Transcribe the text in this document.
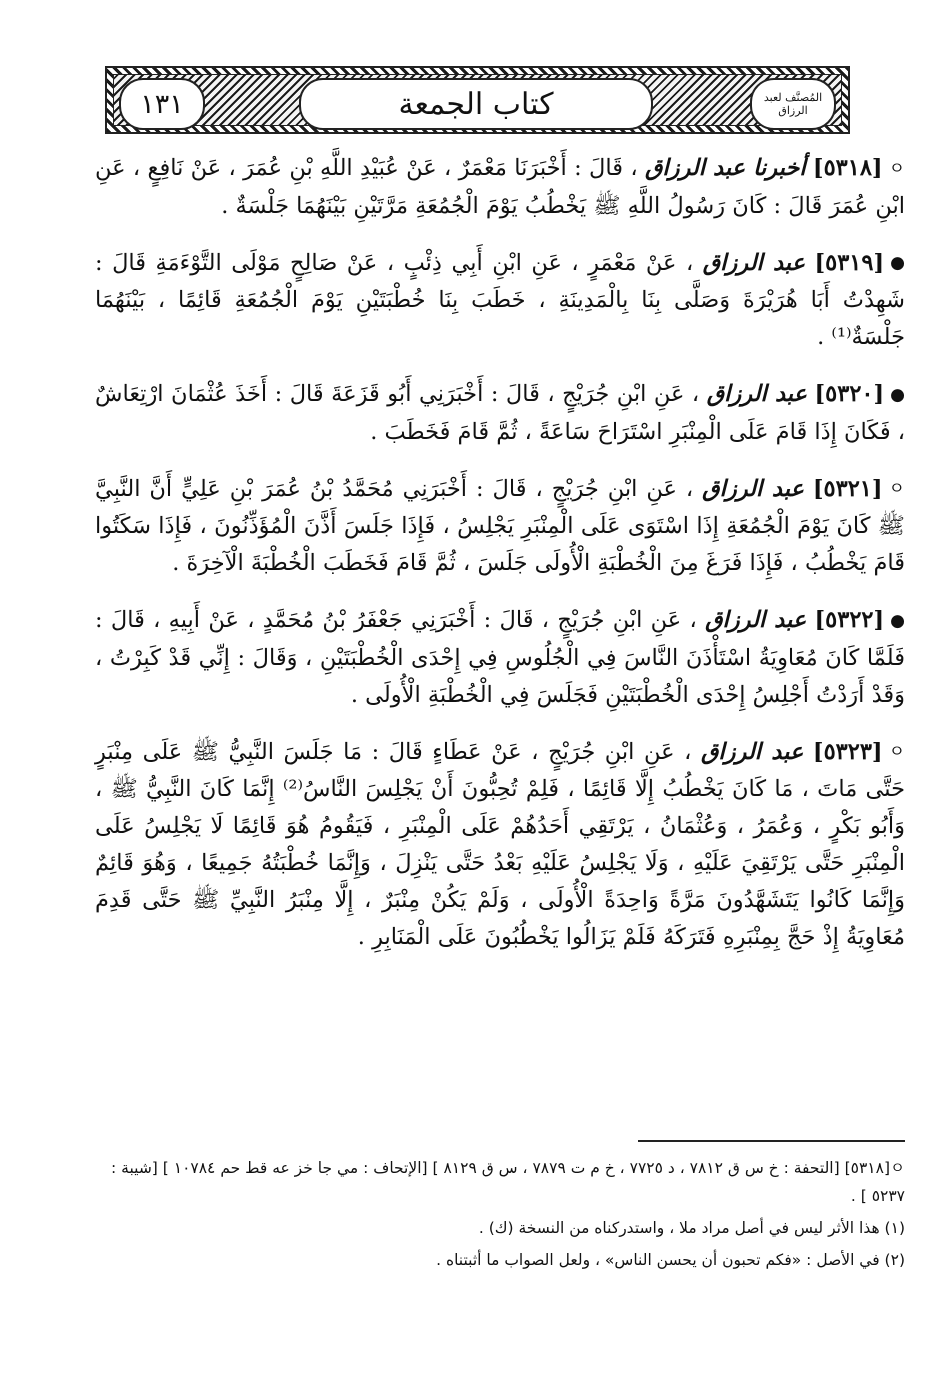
١٣١	كتاب الجمعة	المُصنَّف لعبد الرزاق

ㅇ[٥٣١٨] أخبرنا عبد الرزاق ، قَالَ : أَخْبَرَنَا مَعْمَرٌ ، عَنْ عُبَيْدِ اللَّهِ بْنِ عُمَرَ ، عَنْ نَافِعٍ ، عَنِ ابْنِ عُمَرَ قَالَ : كَانَ رَسُولُ اللَّهِ ﷺ يَخْطُبُ يَوْمَ الْجُمُعَةِ مَرَّتَيْنِ بَيْنَهُمَا جَلْسَةٌ .

●[٥٣١٩] عبد الرزاق ، عَنْ مَعْمَرٍ ، عَنِ ابْنِ أَبِي ذِئْبٍ ، عَنْ صَالِحٍ مَوْلَى التَّوْءَمَةِ قَالَ : شَهِدْتُ أَبَا هُرَيْرَةَ وَصَلَّى بِنَا بِالْمَدِينَةِ ، خَطَبَ بِنَا خُطْبَتَيْنِ يَوْمَ الْجُمُعَةِ قَائِمًا ، بَيْنَهُمَا جَلْسَةٌ⁽¹⁾ .

●[٥٣٢٠] عبد الرزاق ، عَنِ ابْنِ جُرَيْجٍ ، قَالَ : أَخْبَرَنِي أَبُو قَزَعَةَ قَالَ : أَخَذَ عُثْمَانَ ارْتِعَاشٌ ، فَكَانَ إِذَا قَامَ عَلَى الْمِنْبَرِ اسْتَرَاحَ سَاعَةً ، ثُمَّ قَامَ فَخَطَبَ .

ㅇ[٥٣٢١] عبد الرزاق ، عَنِ ابْنِ جُرَيْجٍ ، قَالَ : أَخْبَرَنِي مُحَمَّدُ بْنُ عُمَرَ بْنِ عَلِيٍّ أَنَّ النَّبِيَّ ﷺ كَانَ يَوْمَ الْجُمُعَةِ إِذَا اسْتَوَى عَلَى الْمِنْبَرِ يَجْلِسُ ، فَإِذَا جَلَسَ أَذَّنَ الْمُؤَذِّنُونَ ، فَإِذَا سَكَتُوا قَامَ يَخْطُبُ ، فَإِذَا فَرَغَ مِنَ الْخُطْبَةِ الْأُولَى جَلَسَ ، ثُمَّ قَامَ فَخَطَبَ الْخُطْبَةَ الْآخِرَةَ .

●[٥٣٢٢] عبد الرزاق ، عَنِ ابْنِ جُرَيْجٍ ، قَالَ : أَخْبَرَنِي جَعْفَرُ بْنُ مُحَمَّدٍ ، عَنْ أَبِيهِ ، قَالَ : فَلَمَّا كَانَ مُعَاوِيَةُ اسْتَأْذَنَ النَّاسَ فِي الْجُلُوسِ فِي إِحْدَى الْخُطْبَتَيْنِ ، وَقَالَ : إِنِّي قَدْ كَبِرْتُ ، وَقَدْ أَرَدْتُ أَجْلِسُ إِحْدَى الْخُطْبَتَيْنِ فَجَلَسَ فِي الْخُطْبَةِ الْأُولَى .

ㅇ[٥٣٢٣] عبد الرزاق ، عَنِ ابْنِ جُرَيْجٍ ، عَنْ عَطَاءٍ قَالَ : مَا جَلَسَ النَّبِيُّ ﷺ عَلَى مِنْبَرٍ حَتَّى مَاتَ ، مَا كَانَ يَخْطُبُ إِلَّا قَائِمًا ، فَلِمْ تُحِبُّونَ أَنْ يَجْلِسَ النَّاسُ⁽²⁾ إِنَّمَا كَانَ النَّبِيُّ ﷺ ، وَأَبُو بَكْرٍ ، وَعُمَرُ ، وَعُثْمَانُ ، يَرْتَقِي أَحَدُهُمْ عَلَى الْمِنْبَرِ ، فَيَقُومُ هُوَ قَائِمًا لَا يَجْلِسُ عَلَى الْمِنْبَرِ حَتَّى يَرْتَقِيَ عَلَيْهِ ، وَلَا يَجْلِسُ عَلَيْهِ بَعْدُ حَتَّى يَنْزِلَ ، وَإِنَّمَا خُطْبَتُهُ جَمِيعًا ، وَهُوَ قَائِمٌ وَإِنَّمَا كَانُوا يَتَشَهَّدُونَ مَرَّةً وَاحِدَةً الْأُولَى ، وَلَمْ يَكُنْ مِنْبَرٌ ، إِلَّا مِنْبَرُ النَّبِيِّ ﷺ حَتَّى قَدِمَ مُعَاوِيَةُ إِذْ حَجَّ بِمِنْبَرِهِ فَتَرَكَهُ فَلَمْ يَزَالُوا يَخْطُبُونَ عَلَى الْمَنَابِرِ .

ㅇ[٥٣١٨] [التحفة : خ س ق ٧٨١٢ ، د ٧٧٢٥ ، خ م ت ٧٨٧٩ ، س ق ٨١٢٩ ] [الإتحاف : مي جا خز عه قط حم ١٠٧٨٤ ] [شيبة : ٥٢٣٧ ] .

(١) هذا الأثر ليس في أصل مراد ملا ، واستدركناه من النسخة (ك) .

(٢) في الأصل : «فكم تحبون أن يحسن الناس» ، ولعل الصواب ما أثبتناه .
